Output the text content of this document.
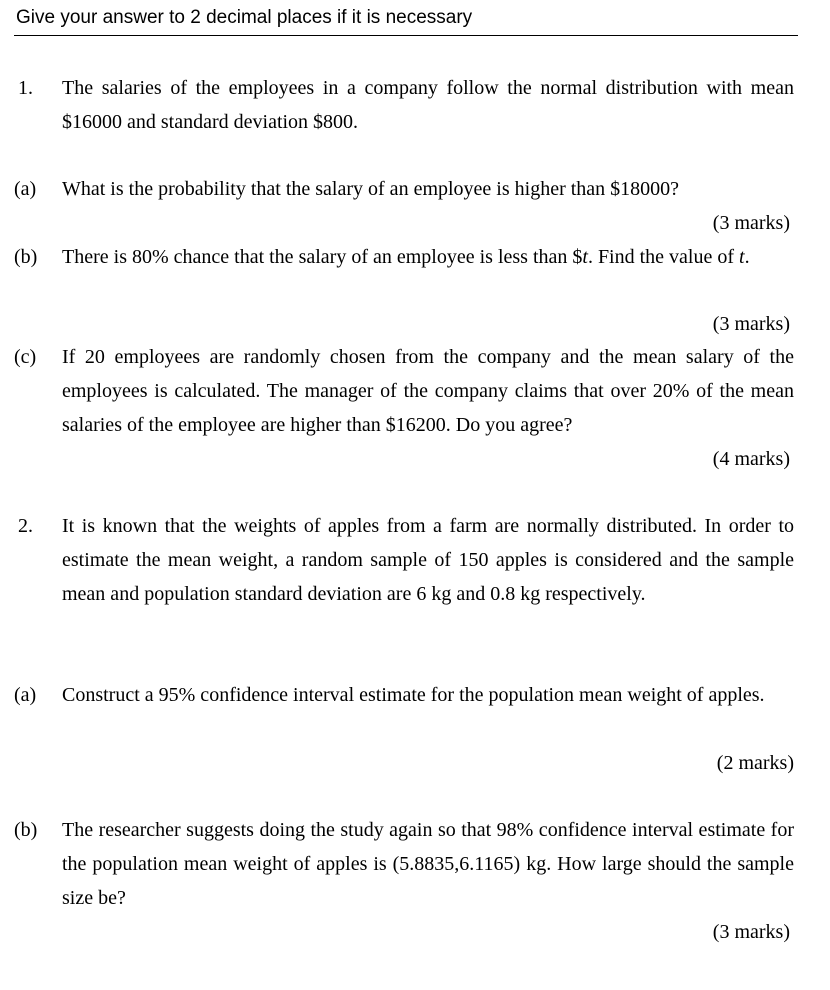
Give your answer to 2 decimal places if it is necessary
1. The salaries of the employees in a company follow the normal distribution with mean $16000 and standard deviation $800.
(a) What is the probability that the salary of an employee is higher than $18000?
(3 marks)
(b) There is 80% chance that the salary of an employee is less than $t. Find the value of t.
(3 marks)
(c) If 20 employees are randomly chosen from the company and the mean salary of the employees is calculated. The manager of the company claims that over 20% of the mean salaries of the employee are higher than $16200. Do you agree?
(4 marks)
2. It is known that the weights of apples from a farm are normally distributed. In order to estimate the mean weight, a random sample of 150 apples is considered and the sample mean and population standard deviation are 6 kg and 0.8 kg respectively.
(a) Construct a 95% confidence interval estimate for the population mean weight of apples.
(2 marks)
(b) The researcher suggests doing the study again so that 98% confidence interval estimate for the population mean weight of apples is (5.8835,6.1165) kg. How large should the sample size be?
(3 marks)
